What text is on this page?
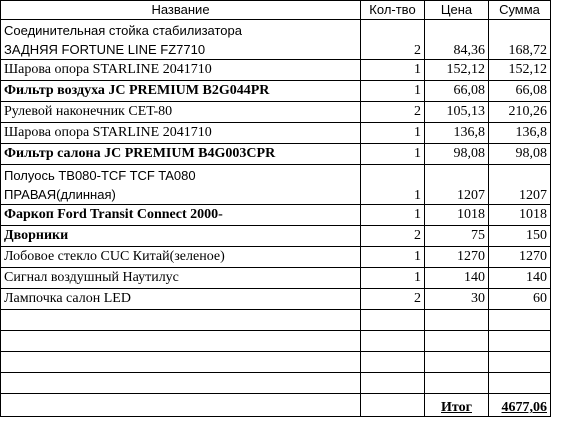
Название	Кол-тво	Цена	Сумма
Соединительная стойка стабилизатора
ЗАДНЯЯ FORTUNE LINE FZ7710	2	84,36	168,72
Шарова опора STARLINE 2041710	1	152,12	152,12
Фильтр воздуха JC PREMIUM B2G044PR	1	66,08	66,08
Рулевой наконечник CET-80	2	105,13	210,26
Шарова опора STARLINE 2041710	1	136,8	136,8
Фильтр салона JC PREMIUM B4G003CPR	1	98,08	98,08
Полуось TB080-TCF TCF TA080
ПРАВАЯ(длинная)	1	1207	1207
Фаркоп Ford Transit Connect 2000-	1	1018	1018
Дворники	2	75	150
Лобовое стекло CUC Китай(зеленое)	1	1270	1270
Сигнал воздушный Наутилус	1	140	140
Лампочка салон LED	2	30	60

		Итог	4677,06
